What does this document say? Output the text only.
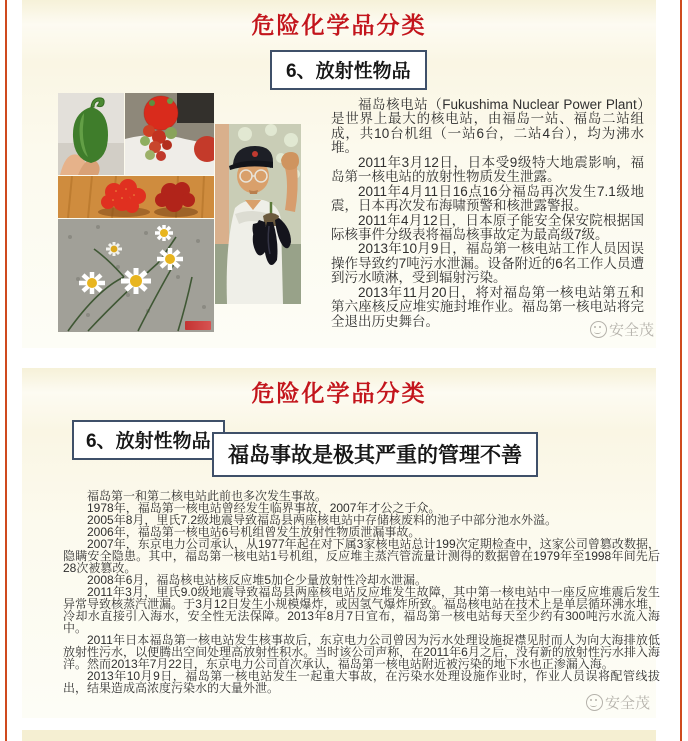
危险化学品分类
6、放射性物品

福岛核电站（Fukushima Nuclear Power Plant）是世界上最大的核电站，由福岛一站、福岛二站组成，共10台机组（一站6台，二站4台），均为沸水堆。

2011年3月12日，日本受9级特大地震影响，福岛第一核电站的放射性物质发生泄露。

2011年4月11日16点16分福岛再次发生7.1级地震，日本再次发布海啸预警和核泄露警报。

2011年4月12日，日本原子能安全保安院根据国际核事件分级表将福岛核事故定为最高级7级。

2013年10月9日，福岛第一核电站工作人员因误操作导致约7吨污水泄漏。设备附近的6名工作人员遭到污水喷淋，受到辐射污染。

2013年11月20日，将对福岛第一核电站第五和第六座核反应堆实施封堆作业。福岛第一核电站将完全退出历史舞台。

安全茂
危险化学品分类
6、放射性物品
福岛事故是极其严重的管理不善

福岛第一和第二核电站此前也多次发生事故。

1978年，福岛第一核电站曾经发生临界事故，2007年才公之于众。

2005年8月，里氏7.2级地震导致福岛县两座核电站中存储核废料的池子中部分池水外溢。

2006年，福岛第一核电站6号机组曾发生放射性物质泄漏事故。

2007年，东京电力公司承认，从1977年起在对下属3家核电站总计199次定期检查中，这家公司曾篡改数据，隐瞒安全隐患。其中，福岛第一核电站1号机组，反应堆主蒸汽管流量计测得的数据曾在1979年至1998年间先后28次被篡改。

2008年6月，福岛核电站核反应堆5加仑少量放射性冷却水泄漏。

2011年3月，里氏9.0级地震导致福岛县两座核电站反应堆发生故障，其中第一核电站中一座反应堆震后发生异常导致核蒸汽泄漏。于3月12日发生小规模爆炸，或因氢气爆炸所致。福岛核电站在技术上是单层循环沸水堆，冷却水直接引入海水，安全性无法保障。2013年8月7日宣布，福岛第一核电站每天至少约有300吨污水流入海中。

2011年日本福岛第一核电站发生核事故后，东京电力公司曾因为污水处理设施捉襟见肘而人为向大海排放低放射性污水，以便腾出空间处理高放射性积水。当时该公司声称，在2011年6月之后，没有新的放射性污水排入海洋。然而2013年7月22日，东京电力公司首次承认，福岛第一核电站附近被污染的地下水也正渗漏入海。

2013年10月9日，福岛第一核电站发生一起重大事故，在污染水处理设施作业时，作业人员误将配管线拔出，结果造成高浓度污染水的大量外泄。

安全茂
